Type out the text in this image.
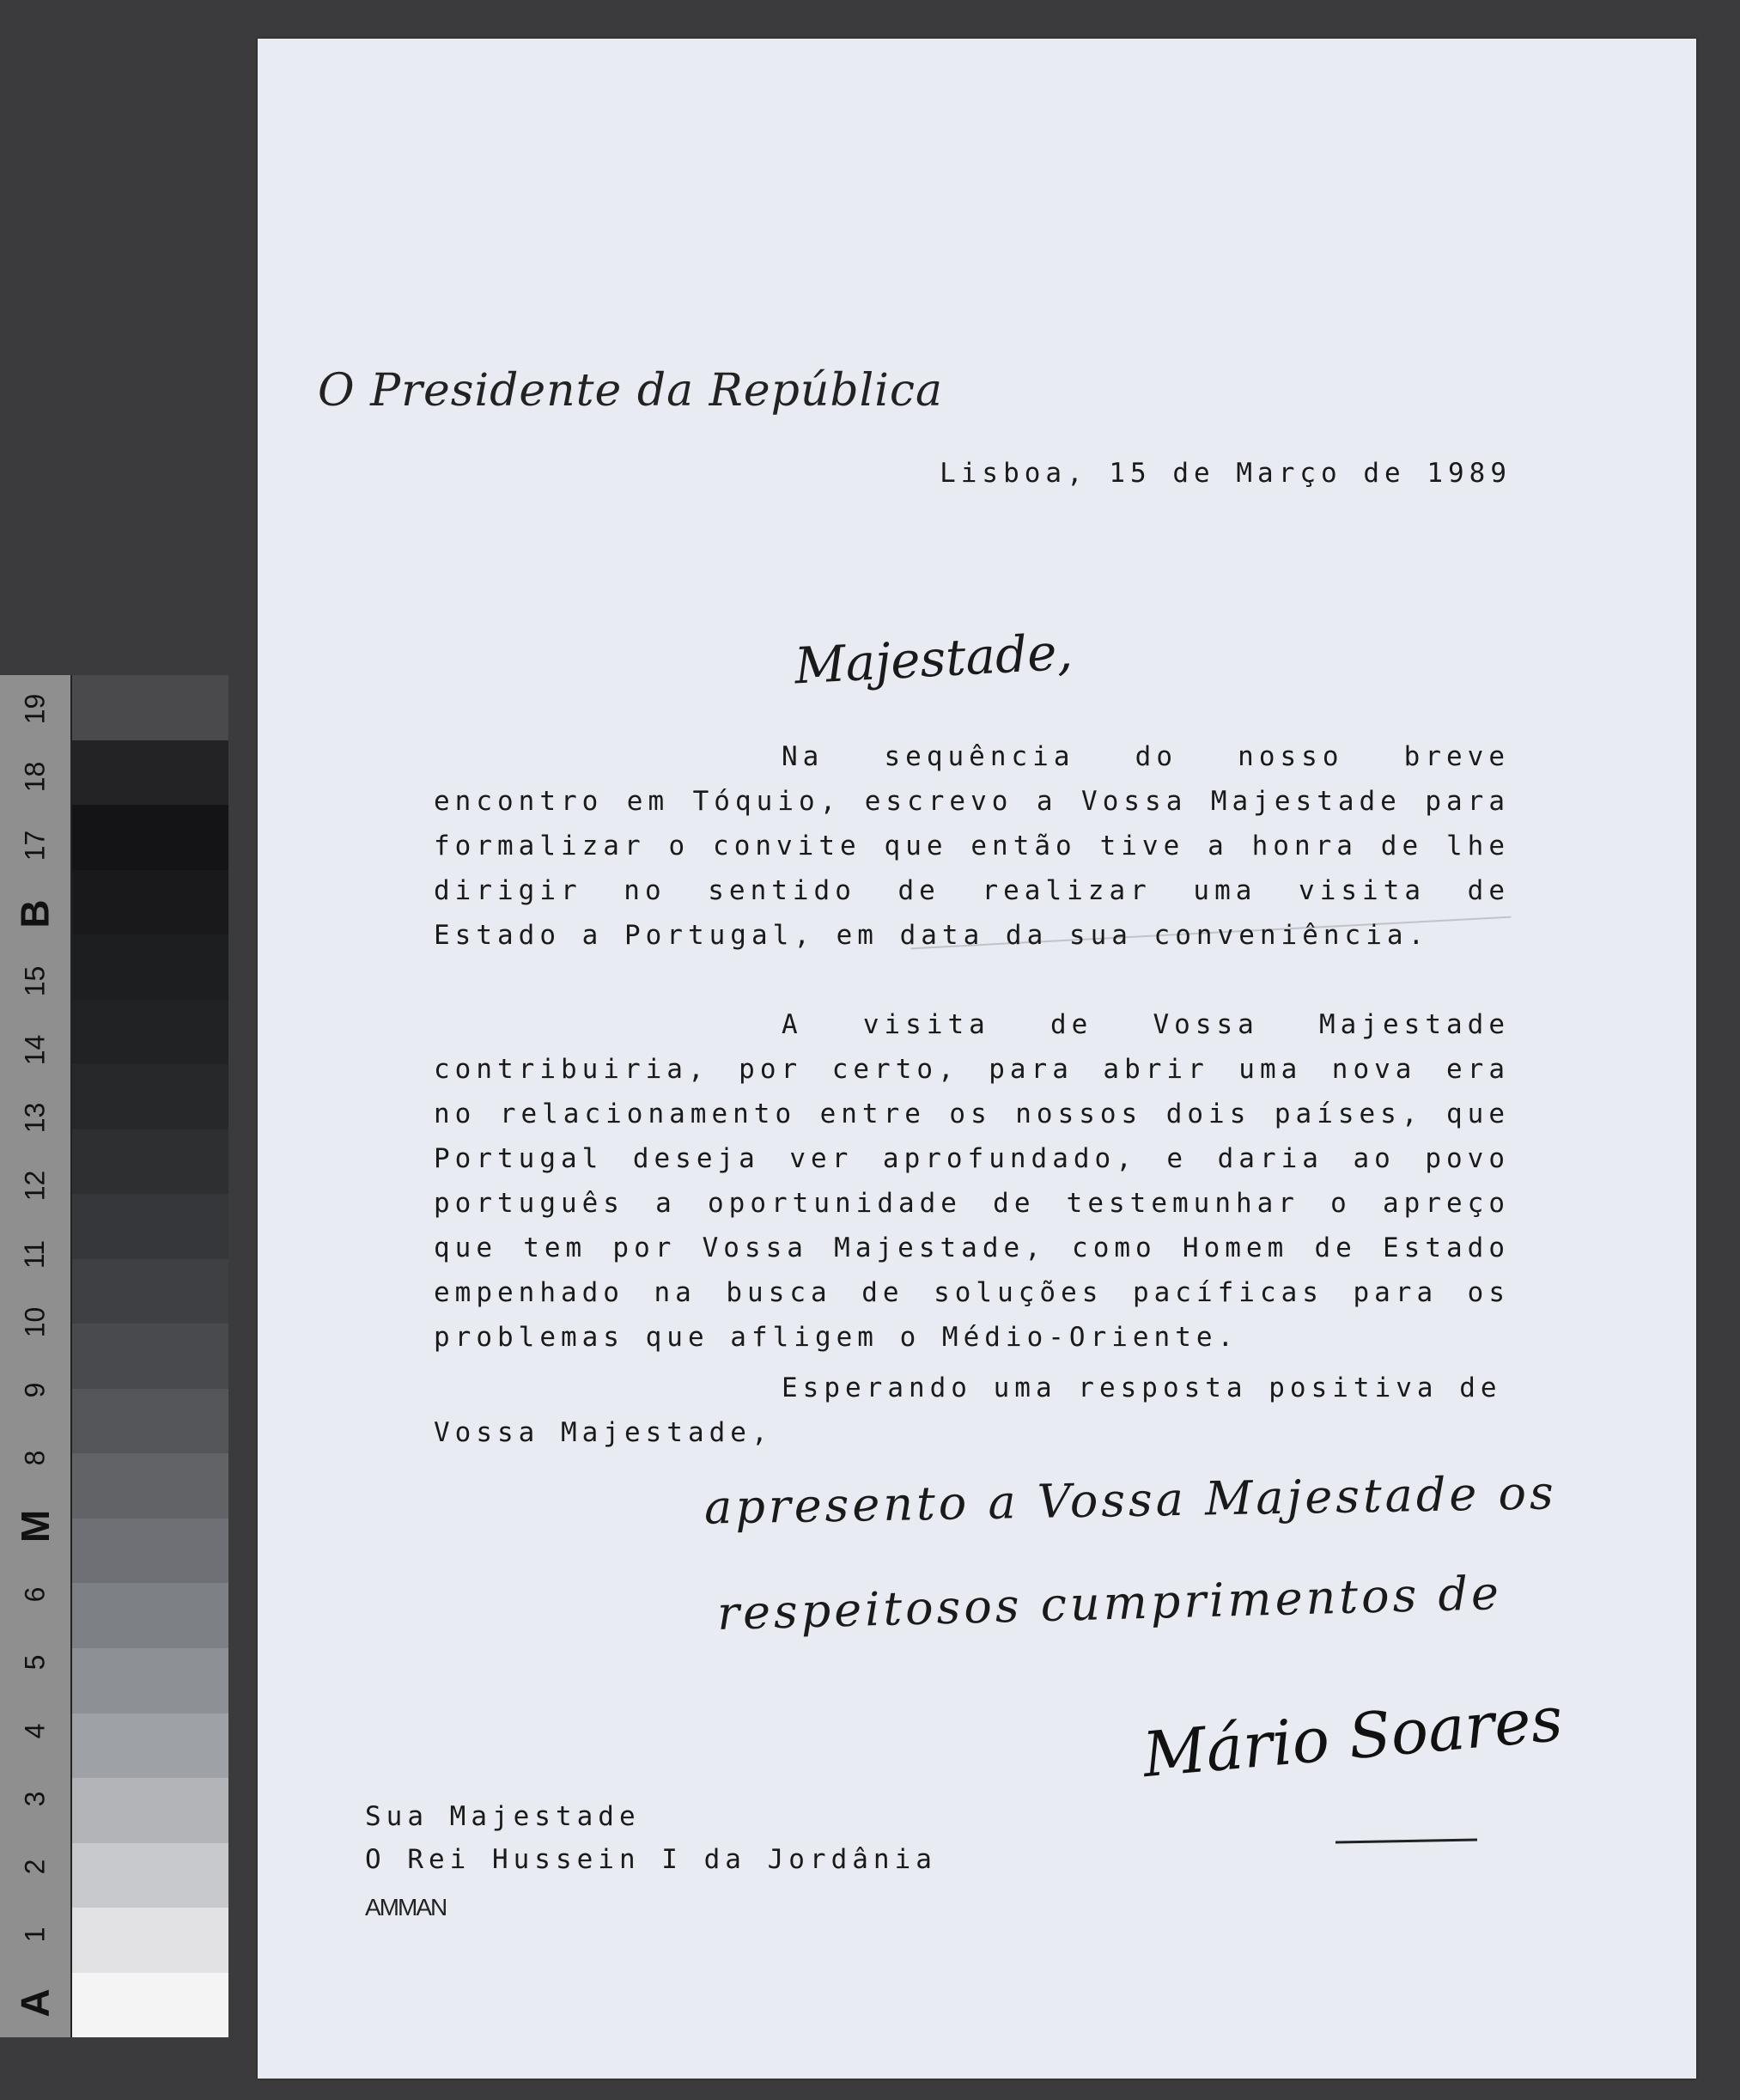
19
18
17
B
15
14
13
12
11
10
9
8
M
6
5
4
3
2
1
A
O Presidente da República
Lisboa, 15 de Março de 1989
Majestade,

Na sequência do nosso breve encontro em Tóquio, escrevo a Vossa Majestade para formalizar o convite que então tive a honra de lhe dirigir no sentido de realizar uma visita de Estado a Portugal, em data da sua conveniência.

A visita de Vossa Majestade contribuiria, por certo, para abrir uma nova era no relacionamento entre os nossos dois países, que Portugal deseja ver aprofundado, e daria ao povo português a oportunidade de testemunhar o apreço que tem por Vossa Majestade, como Homem de Estado empenhado na busca de soluções pacíficas para os problemas que afligem o Médio-Oriente.

Esperando uma resposta positiva de Vossa Majestade,

apresento a Vossa Majestade os
respeitosos cumprimentos de
Mário Soares
Sua Majestade
O Rei Hussein I da Jordânia
AMMAN
